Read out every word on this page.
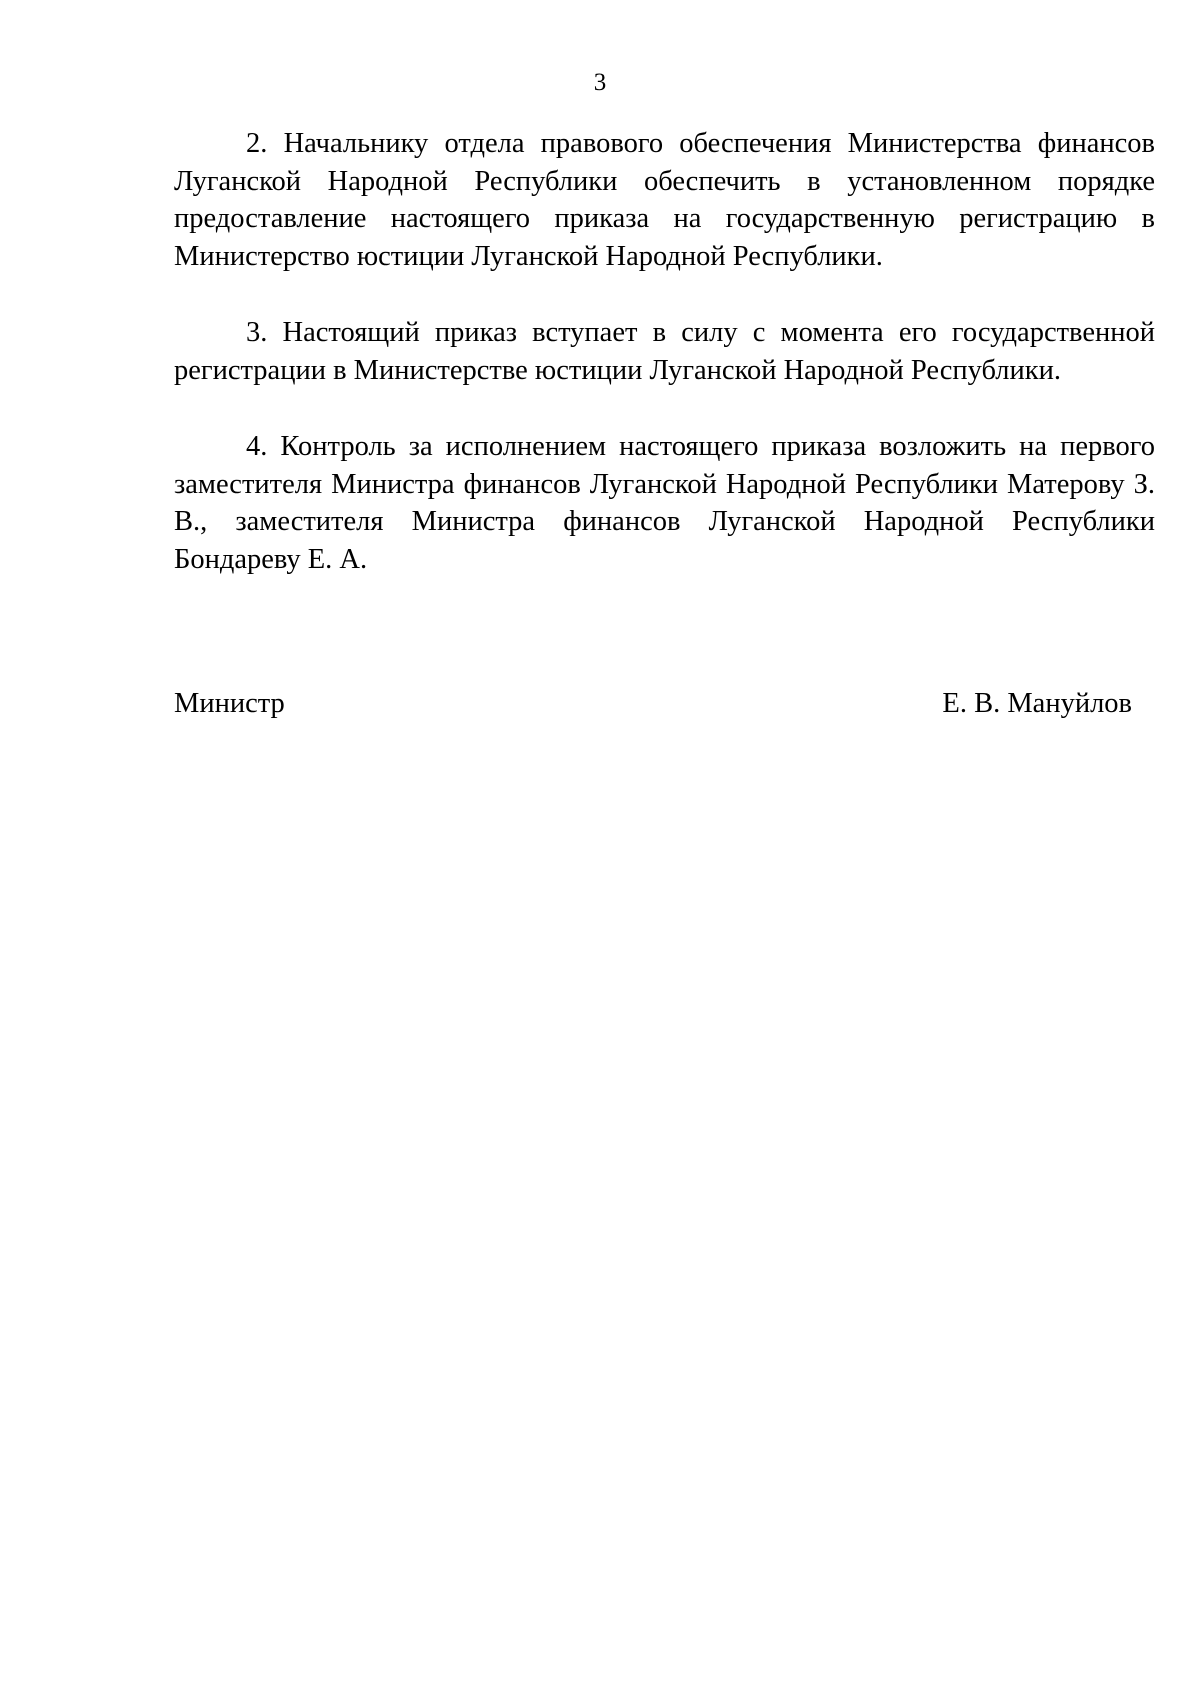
3

2. Начальнику отдела правового обеспечения Министерства финансов Луганской Народной Республики обеспечить в установленном порядке предоставление настоящего приказа на государственную регистрацию в Министерство юстиции Луганской Народной Республики.

3. Настоящий приказ вступает в силу с момента его государственной регистрации в Министерстве юстиции Луганской Народной Республики.

4. Контроль за исполнением настоящего приказа возложить на первого заместителя Министра финансов Луганской Народной Республики Матерову З. В., заместителя Министра финансов Луганской Народной Республики Бондареву Е. А.

Министр	Е. В. Мануйлов
